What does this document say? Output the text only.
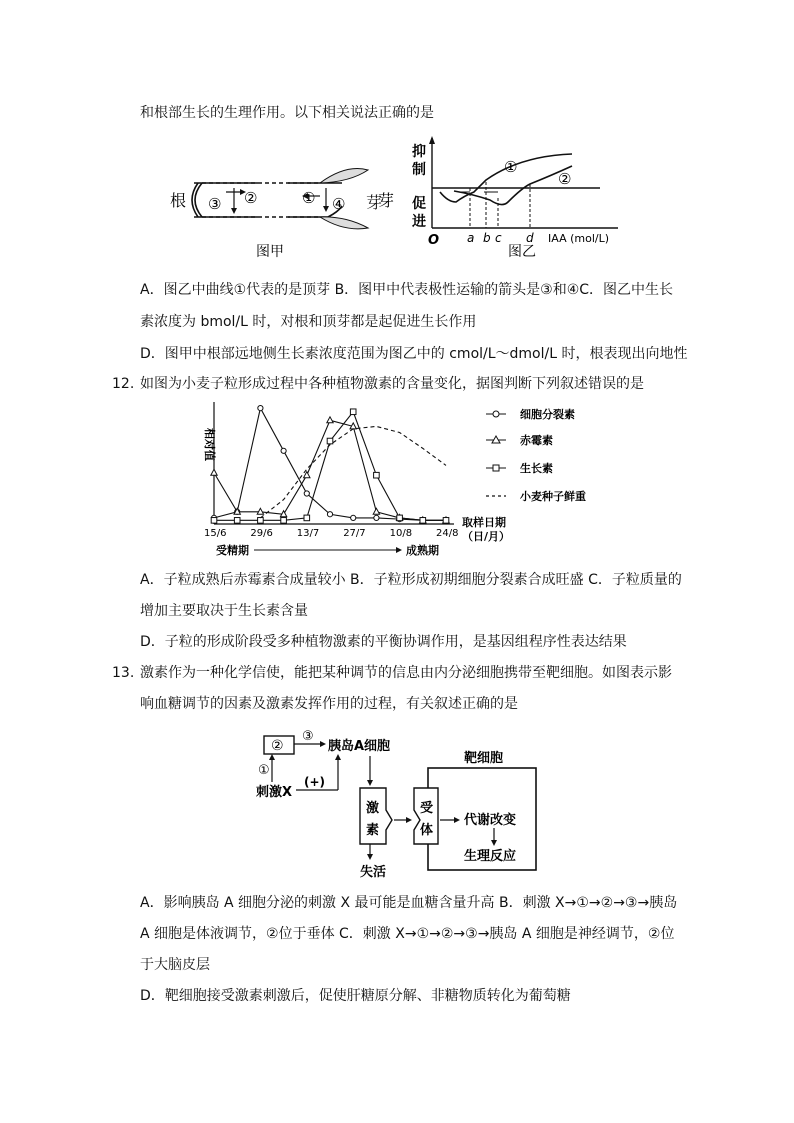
和根部生长的生理作用。以下相关说法正确的是
根 ③ ②	① ④ 芽
图甲
芽
抑
制
促
进
O a b c d IAA (mol/L)
①
②
图乙
A．图乙中曲线①代表的是顶芽 B．图甲中代表极性运输的箭头是③和④C．图乙中生长
素浓度为 bmol/L 时，对根和顶芽都是起促进生长作用
D．图甲中根部远地侧生长素浓度范围为图乙中的 cmol/L～dmol/L 时，根表现出向地性
12. 如图为小麦子粒形成过程中各种植物激素的含量变化，据图判断下列叙述错误的是
15/6 29/6 13/7 27/7 10/8 24/8
相对值
取样日期
（日/月）
受精期	成熟期
细胞分裂素
赤霉素
生长素
小麦种子鲜重
A．子粒成熟后赤霉素合成量较小 B．子粒形成初期细胞分裂素合成旺盛 C．子粒质量的
增加主要取决于生长素含量
D．子粒的形成阶段受多种植物激素的平衡协调作用，是基因组程序性表达结果
13. 激素作为一种化学信使，能把某种调节的信息由内分泌细胞携带至靶细胞。如图表示影
响血糖调节的因素及激素发挥作用的过程，有关叙述正确的是
②
③
胰岛A细胞
①
刺激X
(+)
激
素
失活
靶细胞
受
体
代谢改变
生理反应
A．影响胰岛 A 细胞分泌的刺激 X 最可能是血糖含量升高 B．刺激 X→①→②→③→胰岛
A 细胞是体液调节，②位于垂体 C．刺激 X→①→②→③→胰岛 A 细胞是神经调节，②位
于大脑皮层
D．靶细胞接受激素刺激后，促使肝糖原分解、非糖物质转化为葡萄糖
